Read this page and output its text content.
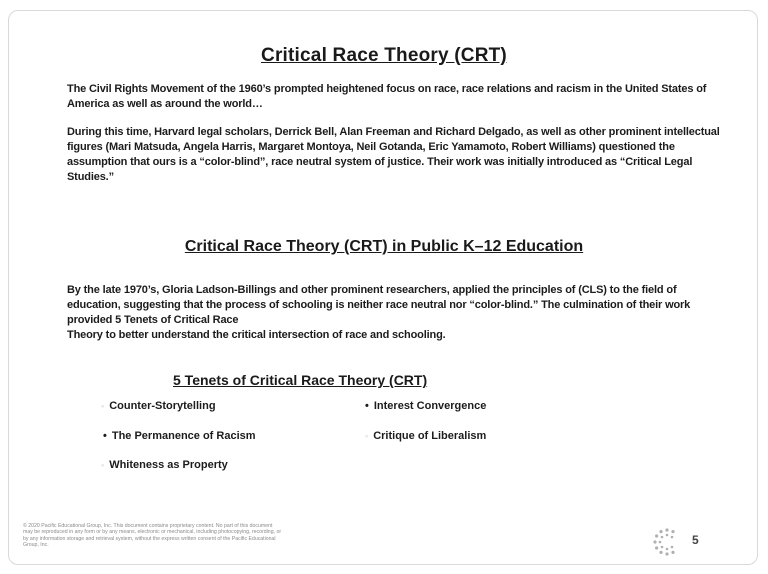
Critical Race Theory (CRT)
The Civil Rights Movement of the 1960’s prompted heightened focus on race, race relations and racism in the United States of America as well as around the world…
During this time, Harvard legal scholars, Derrick Bell, Alan Freeman and Richard Delgado, as well as other prominent intellectual figures (Mari Matsuda, Angela Harris, Margaret Montoya, Neil Gotanda, Eric Yamamoto, Robert Williams) questioned the assumption that ours is a “color-blind”, race neutral system of justice. Their work was initially introduced as “Critical Legal Studies.”
Critical Race Theory (CRT) in Public K–12 Education
By the late 1970’s, Gloria Ladson-Billings and other prominent researchers, applied the principles of (CLS) to the field of education, suggesting that the process of schooling is neither race neutral nor “color-blind.” The culmination of their work provided 5 Tenets of Critical Race
Theory to better understand the critical intersection of race and schooling.
5 Tenets of Critical Race Theory (CRT)
◦ Counter-Storytelling	• Interest Convergence
• The Permanence of Racism	◦ Critique of Liberalism
◦ Whiteness as Property
© 2020 Pacific Educational Group, Inc. This document contains proprietary content. No part of this document may be reproduced in any form or by any means, electronic or mechanical, including photocopying, recording, or by any information storage and retrieval system, without the express written consent of the Pacific Educational Group, Inc.	5
